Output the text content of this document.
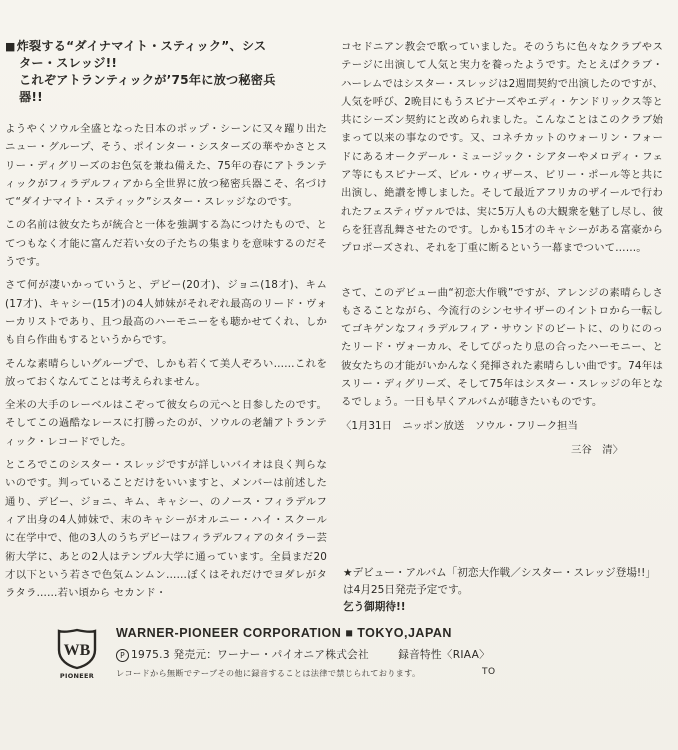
■炸裂する“ダイナマイト・スティック”、シス
ター・スレッジ!!
これぞアトランティックが’75年に放つ秘密兵
器!!

ようやくソウル全盛となった日本のポップ・シーンに又々躍り出たニュー・グループ、そう、ポインター・シスターズの華やかさとスリー・ディグリーズのお色気を兼ね備えた、75年の春にアトランティックがフィラデルフィアから全世界に放つ秘密兵器こそ、名づけて“ダイナマイト・スティック”シスター・スレッジなのです。

この名前は彼女たちが統合と一体を強調する為につけたもので、とてつもなく才能に富んだ若い女の子たちの集まりを意味するのだそうです。

さて何が凄いかっていうと、デビー(20才)、ジョニ(18才)、キム(17才)、キャシー(15才)の4人姉妹がそれぞれ最高のリード・ヴォーカリストであり、且つ最高のハーモニーをも聴かせてくれ、しかも自ら作曲もするというからです。

そんな素晴らしいグループで、しかも若くて美人ぞろい……これを放っておくなんてことは考えられません。

全米の大手のレーベルはこぞって彼女らの元へと日参したのです。そしてこの過酷なレースに打勝ったのが、ソウルの老舗アトランティック・レコードでした。

ところでこのシスター・スレッジですが詳しいバイオは良く判らないのです。判っていることだけをいいますと、メンバーは前述した通り、デビー、ジョニ、キム、キャシー、のノース・フィラデルフィア出身の4人姉妹で、末のキャシーがオルニー・ハイ・スクールに在学中で、他の3人のうちデビーはフィラデルフィアのタイラー芸術大学に、あとの2人はテンプル大学に通っています。全員まだ20才以下という若さで色気ムンムン……ぼくはそれだけでヨダレがタラタラ……若い頃から セカンド・

コセドニアン教会で歌っていました。そのうちに色々なクラブやステージに出演して人気と実力を養ったようです。たとえばクラブ・ハーレムではシスター・スレッジは2週間契約で出演したのですが、人気を呼び、2晩目にもうスピナーズやエディ・ケンドリックス等と共にシーズン契約にと改められました。こんなことはこのクラブ始まって以来の事なのです。又、コネチカットのウォーリン・フォードにあるオークデール・ミュージック・シアターやメロディ・フェア等にもスピナーズ、ビル・ウィザース、ビリー・ポール等と共に出演し、絶讃を博しました。そして最近アフリカのザイールで行われたフェスティヴァルでは、実に5万人もの大観衆を魅了し尽し、彼らを狂喜乱舞させたのです。しかも15才のキャシーがある富豪からプロポーズされ、それを丁重に断るという一幕までついて……。

さて、このデビュー曲“初恋大作戦”ですが、アレンジの素晴らしさもさることながら、今流行のシンセサイザーのイントロから一転してゴキゲンなフィラデルフィア・サウンドのビートに、のりにのったリード・ヴォーカル、そしてぴったり息の合ったハーモニー、と彼女たちの才能がいかんなく発揮された素晴らしい曲です。74年はスリー・ディグリーズ、そして75年はシスター・スレッジの年となるでしょう。一日も早くアルバムが聴きたいものです。

〈1月31日　ニッポン放送　ソウル・フリーク担当
三谷　清〉
★デビュー・アルバム「初恋大作戦／シスター・スレッジ登場!!」は4月25日発売予定です。
乞う御期待!!
WB
PIONEER
WARNER-PIONEER CORPORATION ■ TOKYO,JAPAN
P 1975.3 発売元：ワーナー・パイオニア株式会社	録音特性〈RIAA〉
レコードから無断でテープその他に録音することは法律で禁じられております。	TO
